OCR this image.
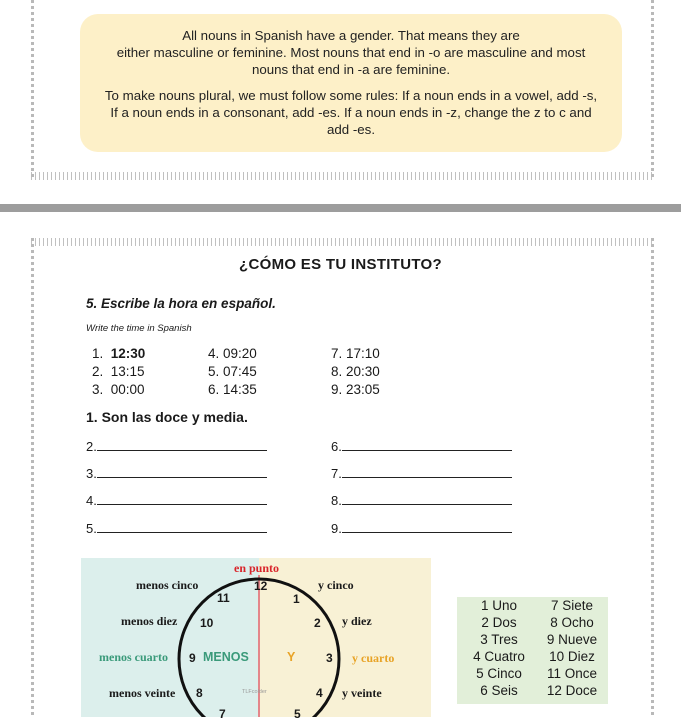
All nouns in Spanish have a gender. That means they are
either masculine or feminine. Most nouns that end in -o are masculine and most
nouns that end in -a are feminine.

To make nouns plural, we must follow some rules: If a noun ends in a vowel, add -s,
If a noun ends in a consonant, add -es. If a noun ends in -z, change the z to c and
add -es.

¿CÓMO ES TU INSTITUTO?
5. Escribe la hora en español.
Write the time in Spanish
1. 12:30
2. 13:15
3. 00:00
4. 09:20
5. 07:45
6. 14:35
7. 17:10
8. 20:30
9. 23:05
1. Son las doce y media.
2.
3.
4.
5.
6.
7.
8.
9.
en punto
menos cinco
menos diez
menos cuarto
menos veinte
y cinco
y diez
y cuarto
y veinte
12
1
2
3
4
5
7
8
9
10
11
MENOS	Y
TLFcolder
1 Uno
2 Dos
3 Tres
4 Cuatro
5 Cinco
6 Seis
7 Siete
8 Ocho
9 Nueve
10 Diez
11 Once
12 Doce
